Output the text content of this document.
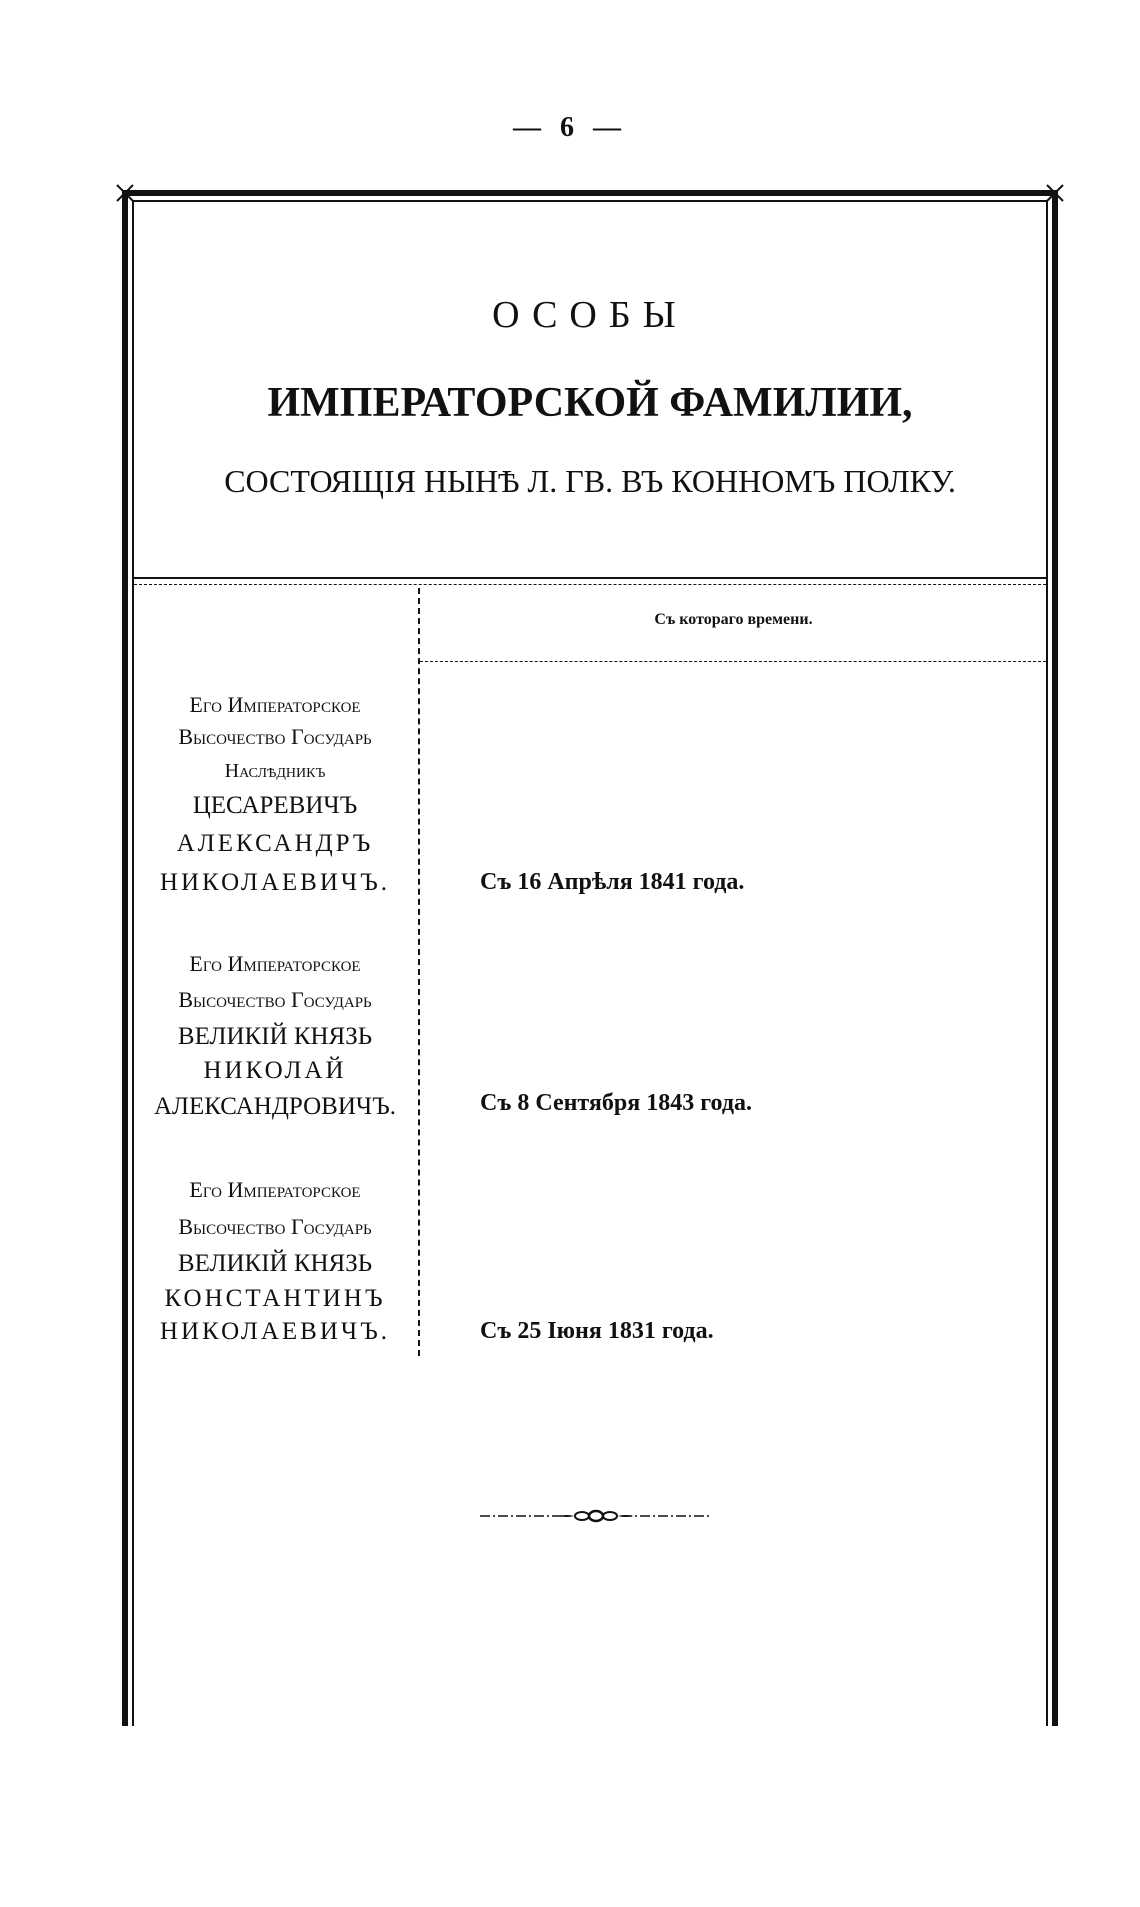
— 6 —
ОСОБЫ
ИМПЕРАТОРСКОЙ ФАМИЛИИ,
СОСТОЯЩІЯ НЫНѢ Л. ГВ. ВЪ КОННОМЪ ПОЛКУ.
Съ котораго времени.
Его Императорское
Высочество Государь
Наслѣдникъ
ЦЕСАРЕВИЧЪ
АЛЕКСАНДРЪ
НИКОЛАЕВИЧЪ.	Съ 16 Апрѣля 1841 года.
Его Императорское
Высочество Государь
ВЕЛИКІЙ КНЯЗЬ
НИКОЛАЙ
АЛЕКСАНДРОВИЧЪ.	Съ 8 Сентября 1843 года.
Его Императорское
Высочество Государь
ВЕЛИКІЙ КНЯЗЬ
КОНСТАНТИНЪ
НИКОЛАЕВИЧЪ.	Съ 25 Іюня 1831 года.
